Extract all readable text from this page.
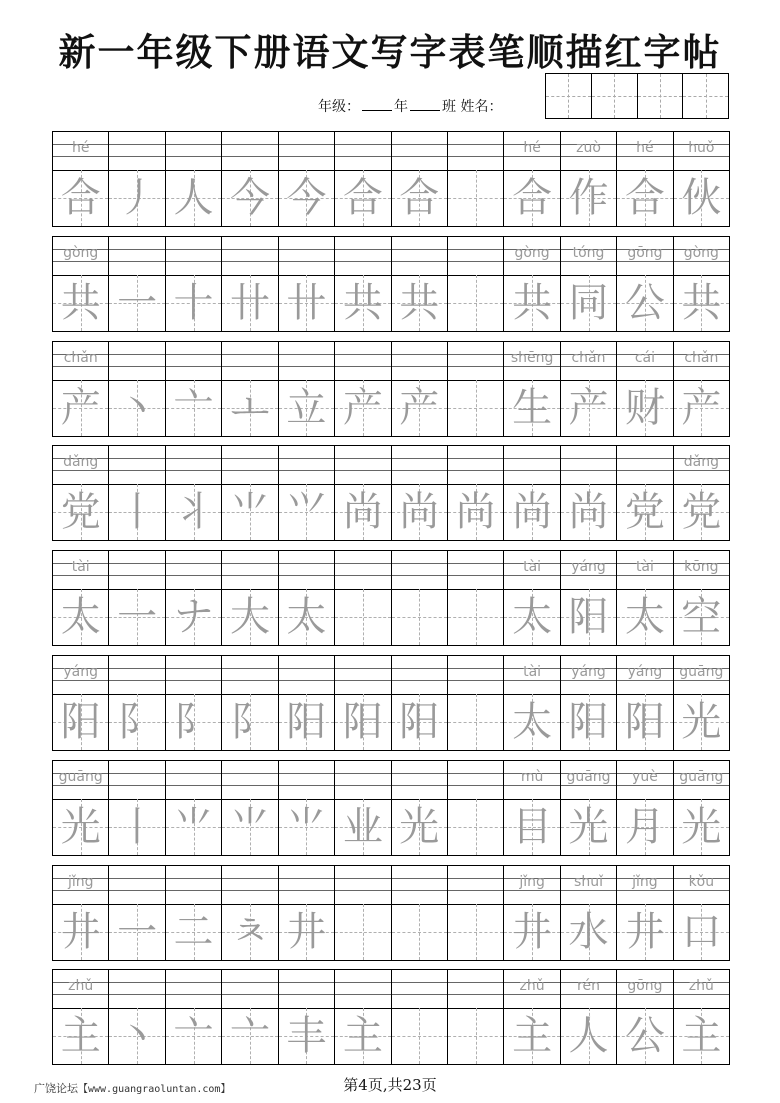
新一年级下册语文写字表笔顺描红字帖
年级： 年 班 姓名：
hé
合 丿 人 今 今 合 合
hé
合
zuò
作
hé
合
huǒ
伙
gòng
共 一 十 卄 卄 共 共
gòng
共
tóng
同
gōng
公
gòng
共
chǎn
产 丶 亠 ㅗ 立 产 产
shēng
生
chǎn
产
cái
财
chǎn
产
dǎng
党 丨 丬 ⺌ ⺍ 尚 尚 尚 尚 尚 党
dǎng
党
tài
太 一 ナ 大 太
tài
太
yáng
阳
tài
太
kōng
空
yáng
阳 阝 阝 阝 阳 阳 阳
tài
太
yáng
阳
yáng
阳
guāng
光
guāng
光 丨 ⺌ ⺌ ⺌ 业 光
mù
目
guāng
光
yuè
月
guāng
光
jǐng
井 一 二 ㅊ 井
jǐng
井
shuǐ
水
jǐng
井
kǒu
口
zhǔ
主 丶 亠 亠 丰 主
zhǔ
主
rén
人
gōng
公
zhǔ
主
广饶论坛【www.guangraoluntan.com】	第4页,共23页
